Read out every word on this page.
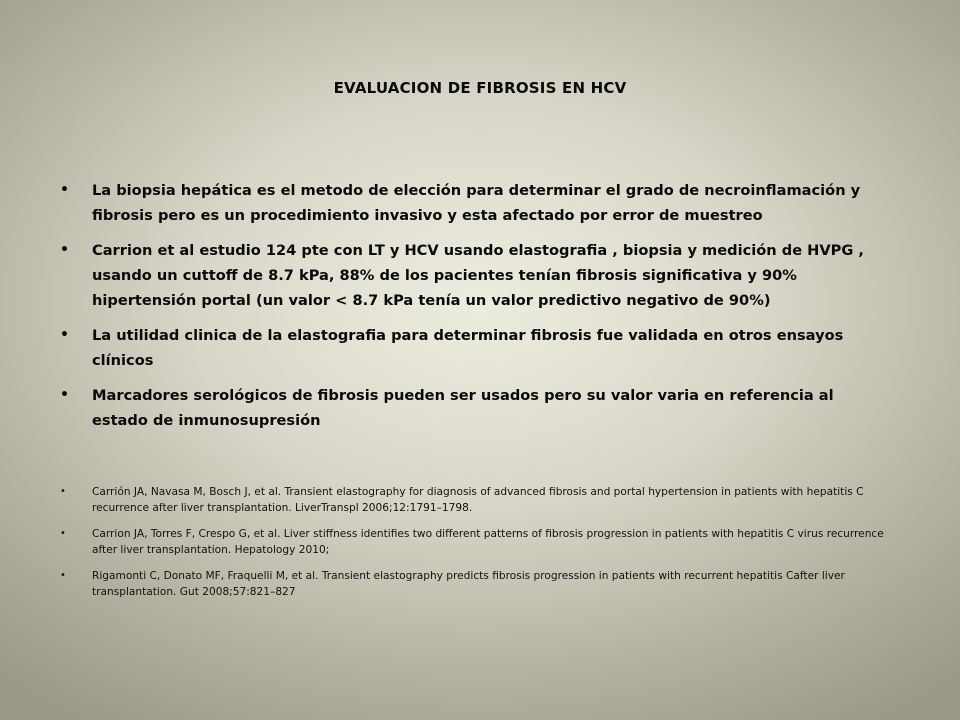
EVALUACION DE FIBROSIS EN HCV
• La biopsia hepática es el metodo de elección para determinar el grado de necroinflamación y fibrosis pero es un procedimiento invasivo y esta afectado por error de muestreo
• Carrion et al estudio 124 pte con LT y HCV usando elastografia , biopsia y medición de HVPG , usando un cuttoff de 8.7 kPa, 88% de los pacientes tenían fibrosis significativa y 90% hipertensión portal (un valor < 8.7 kPa tenía un valor predictivo negativo de 90%)
• La utilidad clinica de la elastografia para determinar fibrosis fue validada en otros ensayos clínicos
• Marcadores serológicos de fibrosis pueden ser usados pero su valor varia en referencia al estado de inmunosupresión
• Carrión JA, Navasa M, Bosch J, et al. Transient elastography for diagnosis of advanced fibrosis and portal hypertension in patients with hepatitis C recurrence after liver transplantation. LiverTranspl 2006;12:1791–1798.
• Carrion JA, Torres F, Crespo G, et al. Liver stiffness identifies two different patterns of fibrosis progression in patients with hepatitis C virus recurrence after liver transplantation. Hepatology 2010;
• Rigamonti C, Donato MF, Fraquelli M, et al. Transient elastography predicts fibrosis progression in patients with recurrent hepatitis Cafter liver transplantation. Gut 2008;57:821–827
